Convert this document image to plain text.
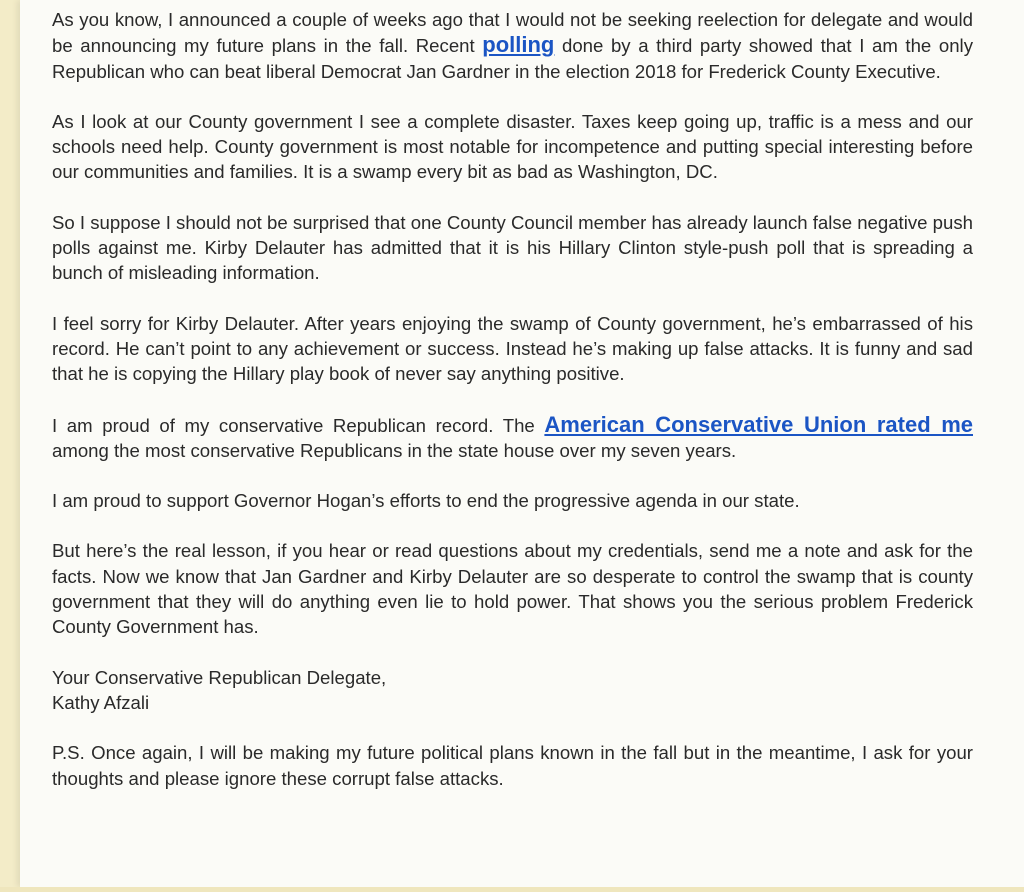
As you know, I announced a couple of weeks ago that I would not be seeking reelection for delegate and would be announcing my future plans in the fall. Recent polling done by a third party showed that I am the only Republican who can beat liberal Democrat Jan Gardner in the election 2018 for Frederick County Executive.

As I look at our County government I see a complete disaster. Taxes keep going up, traffic is a mess and our schools need help. County government is most notable for incompetence and putting special interesting before our communities and families. It is a swamp every bit as bad as Washington, DC.

So I suppose I should not be surprised that one County Council member has already launch false negative push polls against me. Kirby Delauter has admitted that it is his Hillary Clinton style-push poll that is spreading a bunch of misleading information.

I feel sorry for Kirby Delauter. After years enjoying the swamp of County government, he’s embarrassed of his record. He can’t point to any achievement or success. Instead he’s making up false attacks. It is funny and sad that he is copying the Hillary play book of never say anything positive.

I am proud of my conservative Republican record. The American Conservative Union rated me among the most conservative Republicans in the state house over my seven years.

I am proud to support Governor Hogan’s efforts to end the progressive agenda in our state.

But here’s the real lesson, if you hear or read questions about my credentials, send me a note and ask for the facts. Now we know that Jan Gardner and Kirby Delauter are so desperate to control the swamp that is county government that they will do anything even lie to hold power. That shows you the serious problem Frederick County Government has.

Your Conservative Republican Delegate,
Kathy Afzali

P.S. Once again, I will be making my future political plans known in the fall but in the meantime, I ask for your thoughts and please ignore these corrupt false attacks.
